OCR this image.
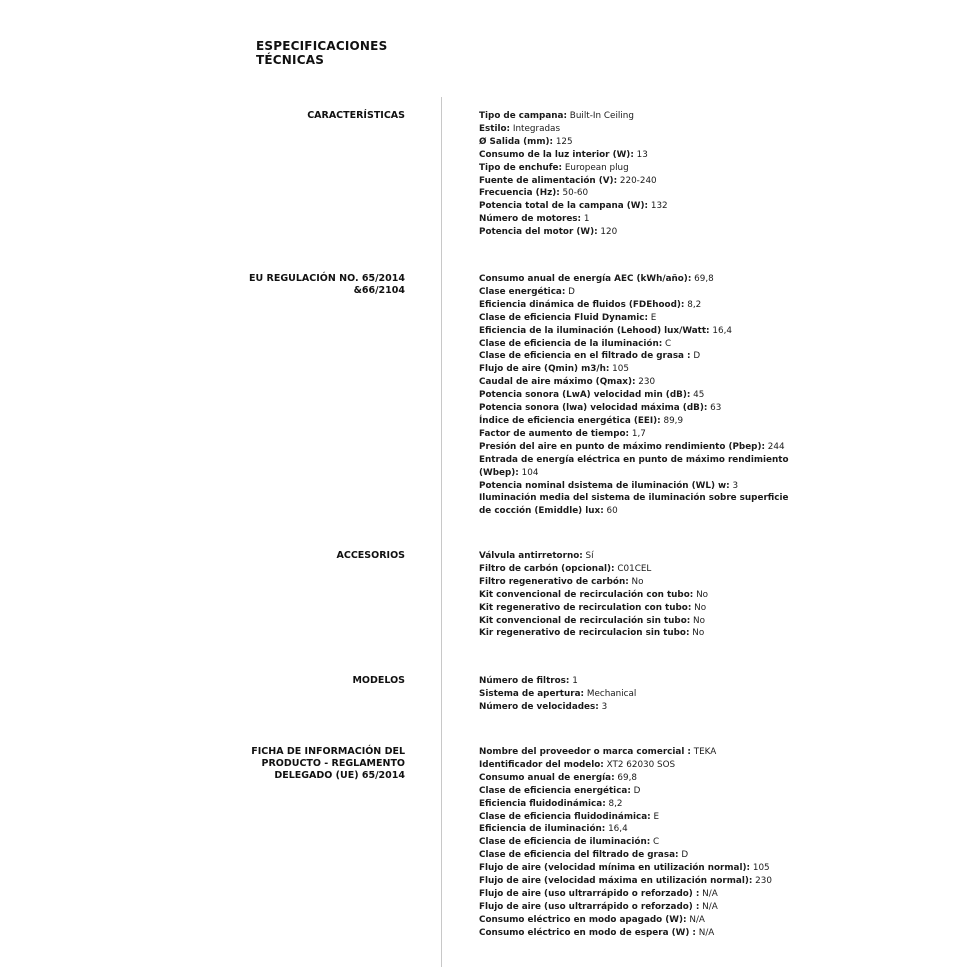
ESPECIFICACIONES TÉCNICAS
CARACTERÍSTICAS	Tipo de campana: Built-In Ceiling
Estilo: Integradas
Ø Salida (mm): 125
Consumo de la luz interior (W): 13
Tipo de enchufe: European plug
Fuente de alimentación (V): 220-240
Frecuencia (Hz): 50-60
Potencia total de la campana (W): 132
Número de motores: 1
Potencia del motor (W): 120
EU REGULACIÓN NO. 65/2014 &66/2104
Consumo anual de energía AEC (kWh/año): 69,8
Clase energética: D
Eficiencia dinámica de fluidos (FDEhood): 8,2
Clase de eficiencia Fluid Dynamic: E
Eficiencia de la iluminación (Lehood) lux/Watt: 16,4
Clase de eficiencia de la iluminación: C
Clase de eficiencia en el filtrado de grasa : D
Flujo de aire (Qmin) m3/h: 105
Caudal de aire máximo (Qmax): 230
Potencia sonora (LwA) velocidad min (dB): 45
Potencia sonora (lwa) velocidad máxima (dB): 63
Índice de eficiencia energética (EEI): 89,9
Factor de aumento de tiempo: 1,7
Presión del aire en punto de máximo rendimiento (Pbep): 244
Entrada de energía eléctrica en punto de máximo rendimiento (Wbep): 104
Potencia nominal dsistema de iluminación (WL) w: 3
Iluminación media del sistema de iluminación sobre superficie de cocción (Emiddle) lux: 60
ACCESORIOS	Válvula antirretorno: Sí
Filtro de carbón (opcional): C01CEL
Filtro regenerativo de carbón: No
Kit convencional de recirculación con tubo: No
Kit regenerativo de recirculation con tubo: No
Kit convencional de recirculación sin tubo: No
Kir regenerativo de recirculacion sin tubo: No
MODELOS	Número de filtros: 1
Sistema de apertura: Mechanical
Número de velocidades: 3
FICHA DE INFORMACIÓN DEL PRODUCTO - REGLAMENTO DELEGADO (UE) 65/2014
Nombre del proveedor o marca comercial : TEKA
Identificador del modelo: XT2 62030 SOS
Consumo anual de energía: 69,8
Clase de eficiencia energética: D
Eficiencia fluidodinámica: 8,2
Clase de eficiencia fluidodinámica: E
Eficiencia de iluminación: 16,4
Clase de eficiencia de iluminación: C
Clase de eficiencia del filtrado de grasa: D
Flujo de aire (velocidad mínima en utilización normal): 105
Flujo de aire (velocidad máxima en utilización normal): 230
Flujo de aire (uso ultrarrápido o reforzado) : N/A
Flujo de aire (uso ultrarrápido o reforzado) : N/A
Consumo eléctrico en modo apagado (W): N/A
Consumo eléctrico en modo de espera (W) : N/A
